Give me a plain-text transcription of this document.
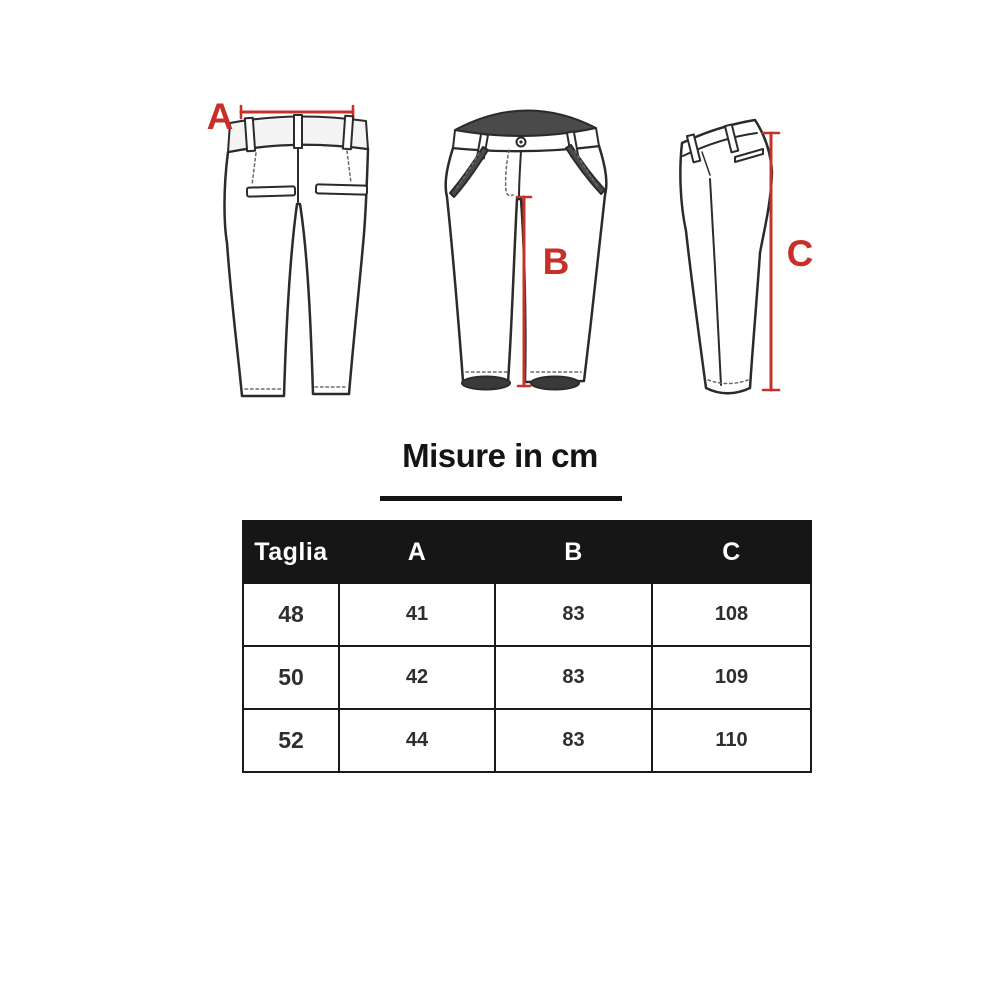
A
B	C
Misure in cm
Taglia	A	B	C
48	41	83	108
50	42	83	109
52	44	83	110
